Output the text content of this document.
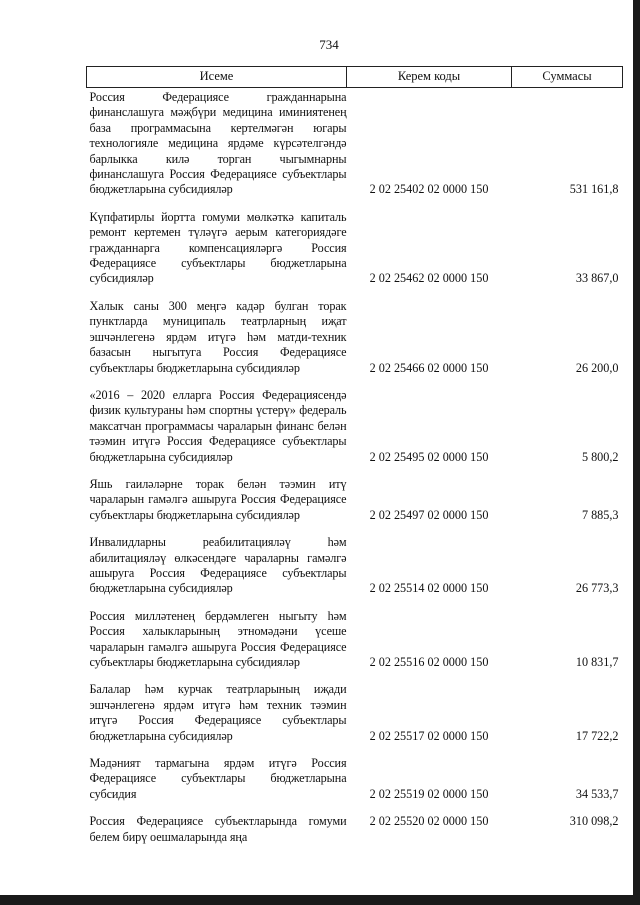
734
Исеме	Керем коды	Суммасы
Россия Федерациясе гражданнарына финанслашуга мәҗбүри медицина иминиятенең база программасына кертелмәгән югары технологияле медицина ярдәме күрсәтелгәндә барлыкка килә торган чыгымнарны финанслашуга Россия Федерациясе субъектлары бюджетларына субсидияләр	2 02 25402 02 0000 150	531 161,8
Күпфатирлы йортта гомуми мөлкәткә капиталь ремонт кертемен түләүгә аерым категориядәге гражданнарга компенсацияләргә Россия Федерациясе субъектлары бюджетларына субсидияләр	2 02 25462 02 0000 150	33 867,0
Халык саны 300 меңгә кадәр булган торак пунктларда муниципаль театрларның иҗат эшчәнлегенә ярдәм итүгә һәм матди-техник базасын ныгытуга Россия Федерациясе субъектлары бюджетларына субсидияләр	2 02 25466 02 0000 150	26 200,0
«2016 – 2020 елларга Россия Федерациясендә физик культураны һәм спортны үстерү» федераль максатчан программасы чараларын финанс белән тәэмин итүгә Россия Федерациясе субъектлары бюджетларына субсидияләр	2 02 25495 02 0000 150	5 800,2
Яшь гаиләләрне торак белән тәэмин итү чараларын гамәлгә ашыруга Россия Федерациясе субъектлары бюджетларына субсидияләр	2 02 25497 02 0000 150	7 885,3
Инвалидларны реабилитацияләү һәм абилитацияләү өлкәсендәге чараларны гамәлгә ашыруга Россия Федерациясе субъектлары бюджетларына субсидияләр	2 02 25514 02 0000 150	26 773,3
Россия милләтенең бердәмлеген ныгыту һәм Россия халыкларының этномәдәни үсеше чараларын гамәлгә ашыруга Россия Федерациясе субъектлары бюджетларына субсидияләр	2 02 25516 02 0000 150	10 831,7
Балалар һәм курчак театрларының иҗади эшчәнлегенә ярдәм итүгә һәм техник тәэмин итүгә Россия Федерациясе субъектлары бюджетларына субсидияләр	2 02 25517 02 0000 150	17 722,2
Мәдәният тармагына ярдәм итүгә Россия Федерациясе субъектлары бюджетларына субсидия	2 02 25519 02 0000 150	34 533,7
Россия Федерациясе субъектларында гомуми белем бирү оешмаларында яңа	2 02 25520 02 0000 150	310 098,2
